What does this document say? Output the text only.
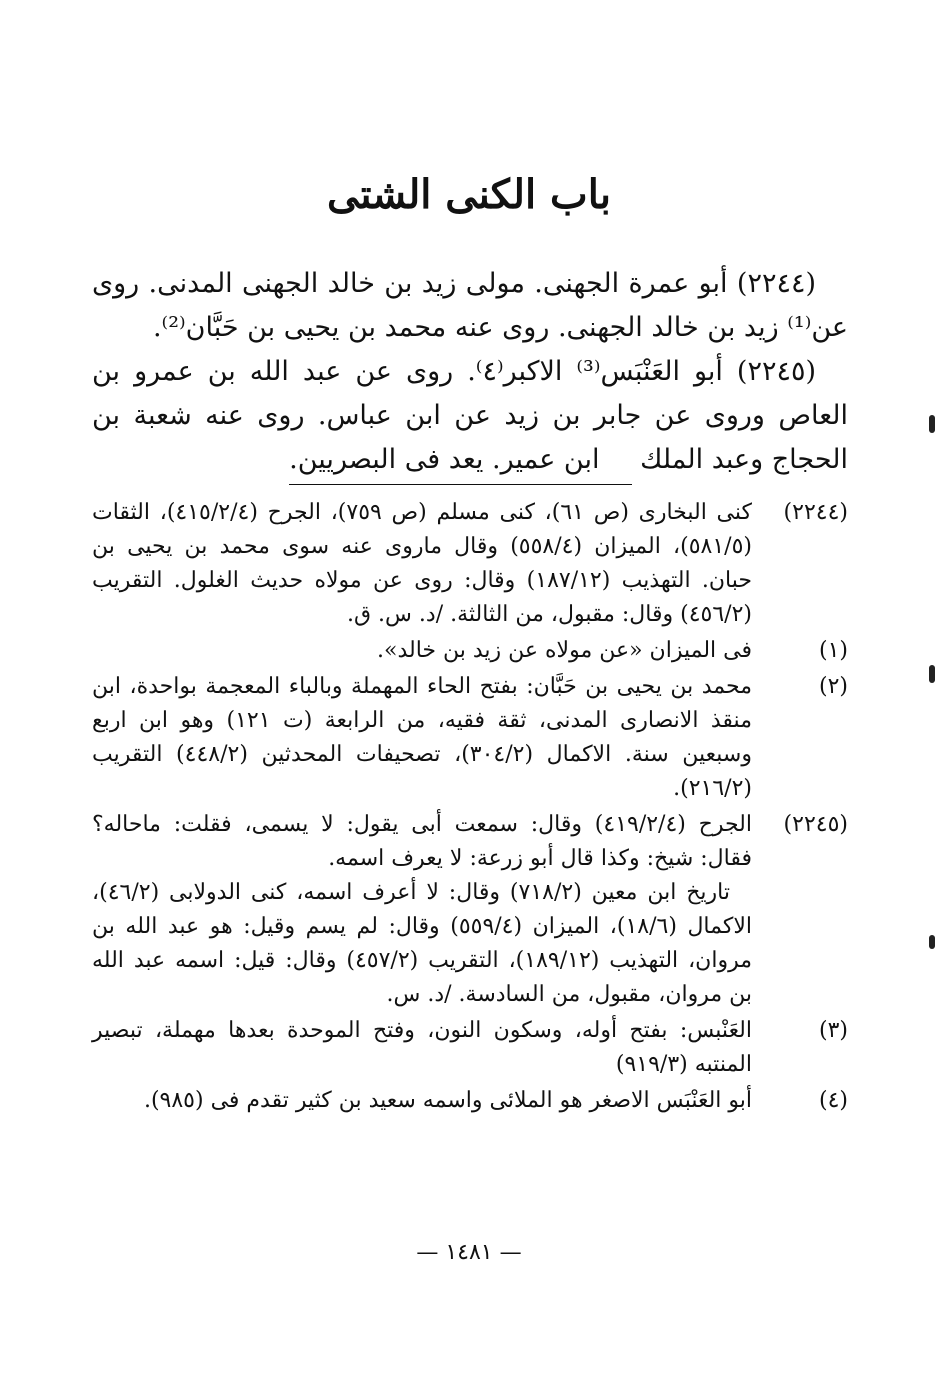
باب الكنى الشتى

(٢٢٤٤) أبو عمرة الجهنى. مولى زيد بن خالد الجهنى المدنى. روى عن⁽¹⁾ زيد بن خالد الجهنى. روى عنه محمد بن يحيى بن حَبَّان⁽²⁾.

(٢٢٤٥) أبو العَنْبَس⁽³⁾ الاكبر⁽٤⁾. روى عن عبد الله بن عمرو بن العاص وروى عن جابر بن زيد عن ابن عباس. روى عنه شعبة بن الحجاج وعبد الملك ابن عمير. يعد فى البصريين.

(٢٢٤٤)
كنى البخارى (ص ٦١)، كنى مسلم (ص ٧٥٩)، الجرح (٤١٥/٢/٤)، الثقات (٥٨١/٥)، الميزان (٥٥٨/٤) وقال ماروى عنه سوى محمد بن يحيى بن حبان. التهذيب (١٨٧/١٢) وقال: روى عن مولاه حديث الغلول. التقريب (٤٥٦/٢) وقال: مقبول، من الثالثة. /د. س. ق.
(١)
فى الميزان «عن مولاه عن زيد بن خالد».
(٢)
محمد بن يحيى بن حَبَّان: بفتح الحاء المهملة وبالباء المعجمة بواحدة، ابن منقذ الانصارى المدنى، ثقة فقيه، من الرابعة (ت ١٢١) وهو ابن اربع وسبعين سنة. الاكمال (٣٠٤/٢)، تصحيفات المحدثين (٤٤٨/٢) التقريب (٢١٦/٢).
(٢٢٤٥)
الجرح (٤١٩/٢/٤) وقال: سمعت أبى يقول: لا يسمى، فقلت: ماحاله؟ فقال: شيخ: وكذا قال أبو زرعة: لا يعرف اسمه.
تاريخ ابن معين (٧١٨/٢) وقال: لا أعرف اسمه، كنى الدولابى (٤٦/٢)، الاكمال (١٨/٦)، الميزان (٥٥٩/٤) وقال: لم يسم وقيل: هو عبد الله بن مروان، التهذيب (١٨٩/١٢)، التقريب (٤٥٧/٢) وقال: قيل: اسمه عبد الله بن مروان، مقبول، من السادسة. /د. س.
(٣)
العَنْبس: بفتح أوله، وسكون النون، وفتح الموحدة بعدها مهملة، تبصير المنتبه (٩١٩/٣)
(٤)
أبو العَنْبَس الاصغر هو الملائى واسمه سعيد بن كثير تقدم فى (٩٨٥).
— ١٤٨١ —
